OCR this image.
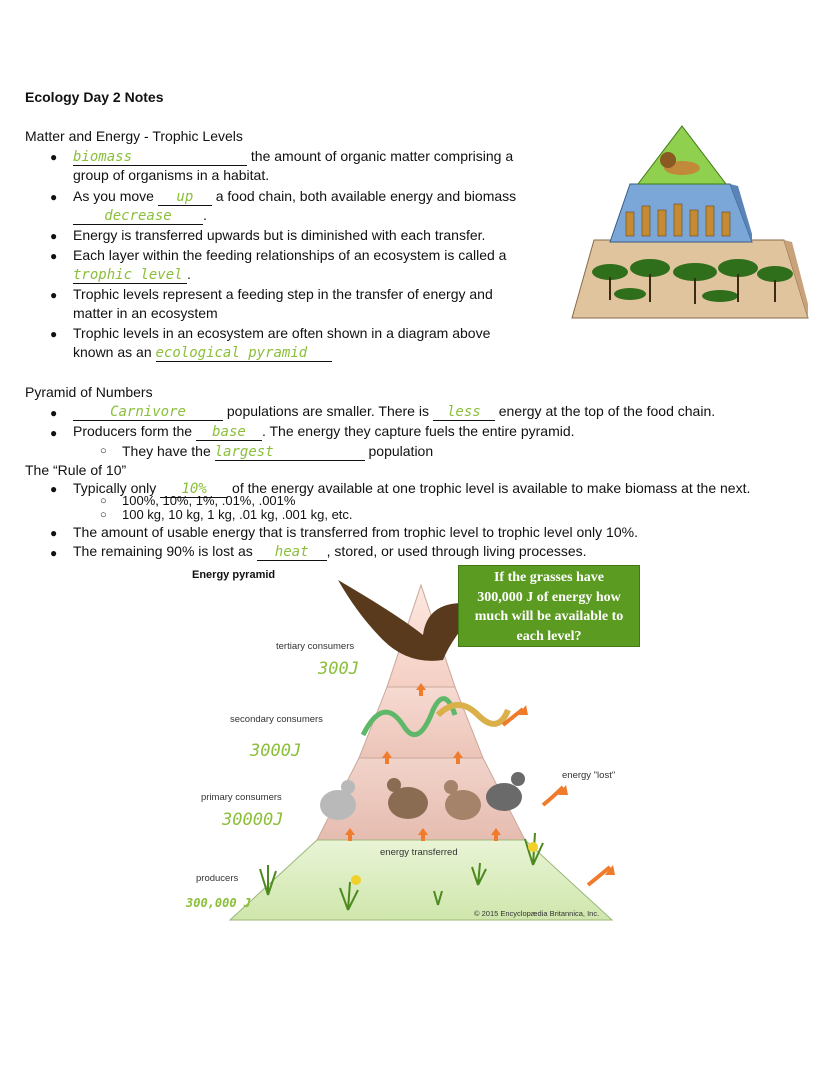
Ecology Day 2 Notes
Matter and Energy - Trophic Levels
● biomass	the amount of organic matter comprising a
group of organisms in a habitat.
● As you move up a food chain, both available energy and biomass
decrease .
● Energy is transferred upwards but is diminished with each transfer.
● Each layer within the feeding relationships of an ecosystem is called a
trophic level .
● Trophic levels represent a feeding step in the transfer of energy and
matter in an ecosystem
● Trophic levels in an ecosystem are often shown in a diagram above
known as an ecological pyramid
Pyramid of Numbers
●	Carnivore	populations are smaller. There is less energy at the top of the food chain.
● Producers form the base . The energy they capture fuels the entire pyramid.
○ They have the largest	population
The “Rule of 10”
● Typically only 10% of the energy available at one trophic level is available to make biomass at the next.
○ 100%, 10%, 1%, .01%, .001%
○ 100 kg, 10 kg, 1 kg, .01 kg, .001 kg, etc.
● The amount of usable energy that is transferred from trophic level to trophic level only 10%.
● The remaining 90% is lost as heat , stored, or used through living processes.
Energy pyramid	If the grasses have
300,000 J of energy how
much will be available to
each level?
tertiary consumers
secondary consumers
primary consumers
producers
energy transferred
energy "lost"
© 2015 Encyclopædia Britannica, Inc.
300J
3000J
30000J
300,000 J
